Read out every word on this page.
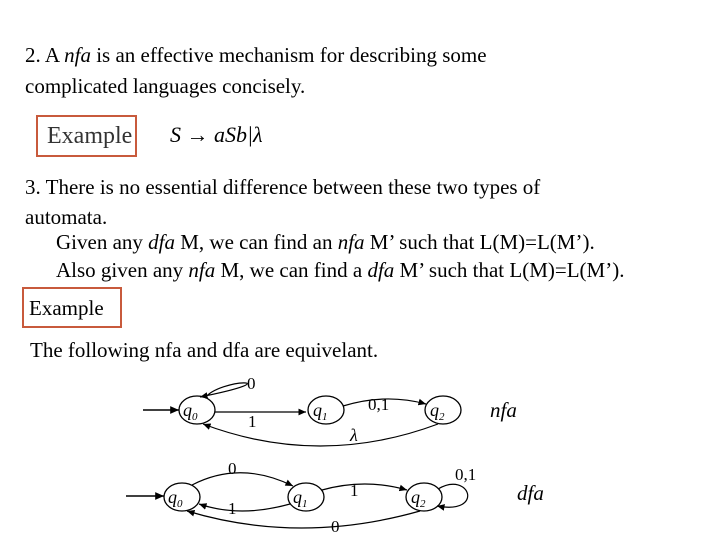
2. A nfa is an effective mechanism for describing some
complicated languages concisely.
Example S → aSb|λ
3. There is no essential difference between these two types of
automata.
Given any dfa M, we can find an nfa M’ such that L(M)=L(M’).
Also given any nfa M, we can find a dfa M’ such that L(M)=L(M’).
Example
The following nfa and dfa are equivelant.
$q_0$	$q_1$	$q_2$
0
1
0,1
λ
nfa
$q_0$	$q_1$	$q_2$
0
1
1
0
0,1
dfa
